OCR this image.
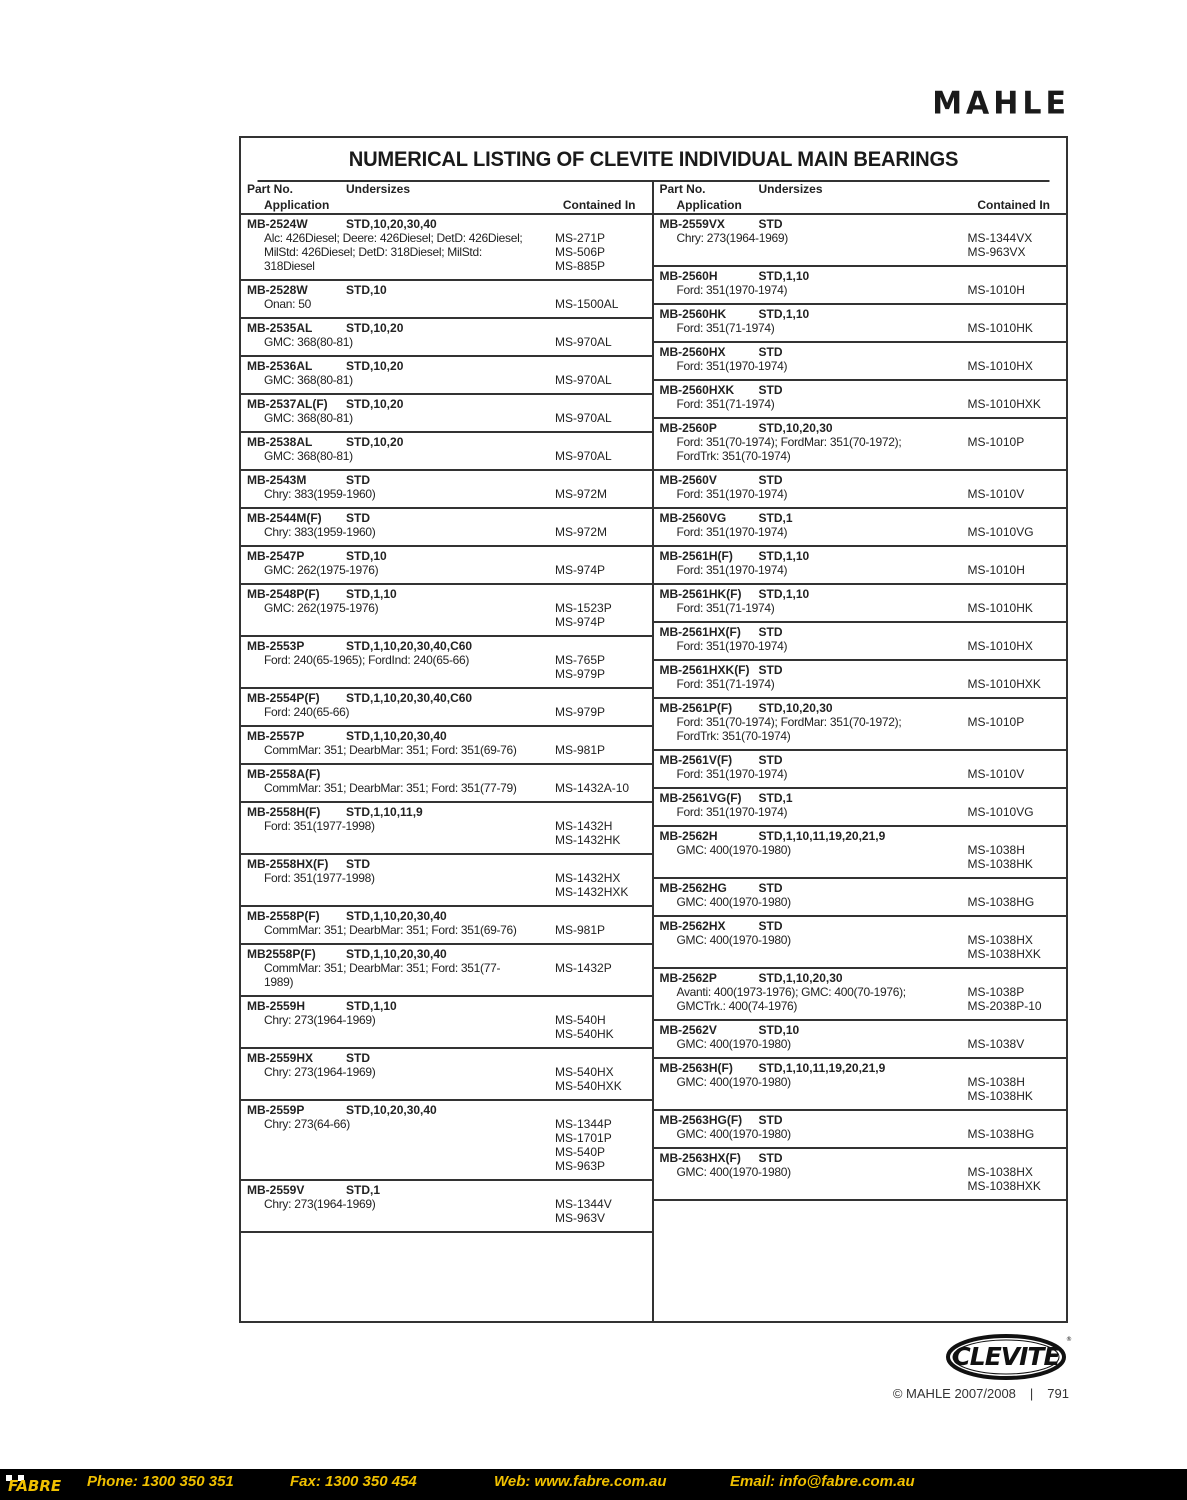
MAHLE
NUMERICAL LISTING OF CLEVITE INDIVIDUAL MAIN BEARINGS
Part No.	Undersizes
Application	Contained In
MB-2524W	STD,10,20,30,40
Alc: 426Diesel; Deere: 426Diesel; DetD: 426Diesel; MilStd: 426Diesel; DetD: 318Diesel; MilStd: 318Diesel
MS-271P
MS-506P
MS-885P
MB-2528W	STD,10
Onan: 50	MS-1500AL
MB-2535AL	STD,10,20
GMC: 368(80-81)	MS-970AL
MB-2536AL	STD,10,20
GMC: 368(80-81)	MS-970AL
MB-2537AL(F)	STD,10,20
GMC: 368(80-81)	MS-970AL
MB-2538AL	STD,10,20
GMC: 368(80-81)	MS-970AL
MB-2543M	STD
Chry: 383(1959-1960)	MS-972M
MB-2544M(F)	STD
Chry: 383(1959-1960)	MS-972M
MB-2547P	STD,10
GMC: 262(1975-1976)	MS-974P
MB-2548P(F)	STD,1,10
GMC: 262(1975-1976)	MS-1523P
MS-974P
MB-2553P	STD,1,10,20,30,40,C60
Ford: 240(65-1965); FordInd: 240(65-66)	MS-765P
MS-979P
MB-2554P(F)	STD,1,10,20,30,40,C60
Ford: 240(65-66)	MS-979P
MB-2557P	STD,1,10,20,30,40
CommMar: 351; DearbMar: 351; Ford: 351(69-76)	MS-981P
MB-2558A(F)
CommMar: 351; DearbMar: 351; Ford: 351(77-79)	MS-1432A-10
MB-2558H(F)	STD,1,10,11,9
Ford: 351(1977-1998)	MS-1432H
MS-1432HK
MB-2558HX(F)	STD
Ford: 351(1977-1998)	MS-1432HX
MS-1432HXK
MB-2558P(F)	STD,1,10,20,30,40
CommMar: 351; DearbMar: 351; Ford: 351(69-76)	MS-981P
MB2558P(F)	STD,1,10,20,30,40
CommMar: 351; DearbMar: 351; Ford: 351(77-1989)
MS-1432P
MB-2559H	STD,1,10
Chry: 273(1964-1969)	MS-540H
MS-540HK
MB-2559HX	STD
Chry: 273(1964-1969)	MS-540HX
MS-540HXK
MB-2559P	STD,10,20,30,40
Chry: 273(64-66)	MS-1344P
MS-1701P
MS-540P
MS-963P
MB-2559V	STD,1
Chry: 273(1964-1969)	MS-1344V
MS-963V
Part No.	Undersizes
Application	Contained In
MB-2559VX	STD
Chry: 273(1964-1969)	MS-1344VX
MS-963VX
MB-2560H	STD,1,10
Ford: 351(1970-1974)	MS-1010H
MB-2560HK	STD,1,10
Ford: 351(71-1974)	MS-1010HK
MB-2560HX	STD
Ford: 351(1970-1974)	MS-1010HX
MB-2560HXK	STD
Ford: 351(71-1974)	MS-1010HXK
MB-2560P	STD,10,20,30
Ford: 351(70-1974); FordMar: 351(70-1972); FordTrk: 351(70-1974)
MS-1010P
MB-2560V	STD
Ford: 351(1970-1974)	MS-1010V
MB-2560VG	STD,1
Ford: 351(1970-1974)	MS-1010VG
MB-2561H(F)	STD,1,10
Ford: 351(1970-1974)	MS-1010H
MB-2561HK(F)	STD,1,10
Ford: 351(71-1974)	MS-1010HK
MB-2561HX(F)	STD
Ford: 351(1970-1974)	MS-1010HX
MB-2561HXK(F) STD
Ford: 351(71-1974)	MS-1010HXK
MB-2561P(F)	STD,10,20,30
Ford: 351(70-1974); FordMar: 351(70-1972); FordTrk: 351(70-1974)
MS-1010P
MB-2561V(F)	STD
Ford: 351(1970-1974)	MS-1010V
MB-2561VG(F)	STD,1
Ford: 351(1970-1974)	MS-1010VG
MB-2562H	STD,1,10,11,19,20,21,9
GMC: 400(1970-1980)	MS-1038H
MS-1038HK
MB-2562HG	STD
GMC: 400(1970-1980)	MS-1038HG
MB-2562HX	STD
GMC: 400(1970-1980)	MS-1038HX
MS-1038HXK
MB-2562P	STD,1,10,20,30
Avanti: 400(1973-1976); GMC: 400(70-1976); GMCTrk.: 400(74-1976)
MS-1038P
MS-2038P-10
MB-2562V	STD,10
GMC: 400(1970-1980)	MS-1038V
MB-2563H(F)	STD,1,10,11,19,20,21,9
GMC: 400(1970-1980)	MS-1038H
MS-1038HK
MB-2563HG(F)	STD
GMC: 400(1970-1980)	MS-1038HG
MB-2563HX(F)	STD
GMC: 400(1970-1980)	MS-1038HX
MS-1038HXK
CLEVITE
®
© MAHLE 2007/2008 | 791
FABRE Phone: 1300 350 351	Fax: 1300 350 454	Web: www.fabre.com.au	Email: info@fabre.com.au
